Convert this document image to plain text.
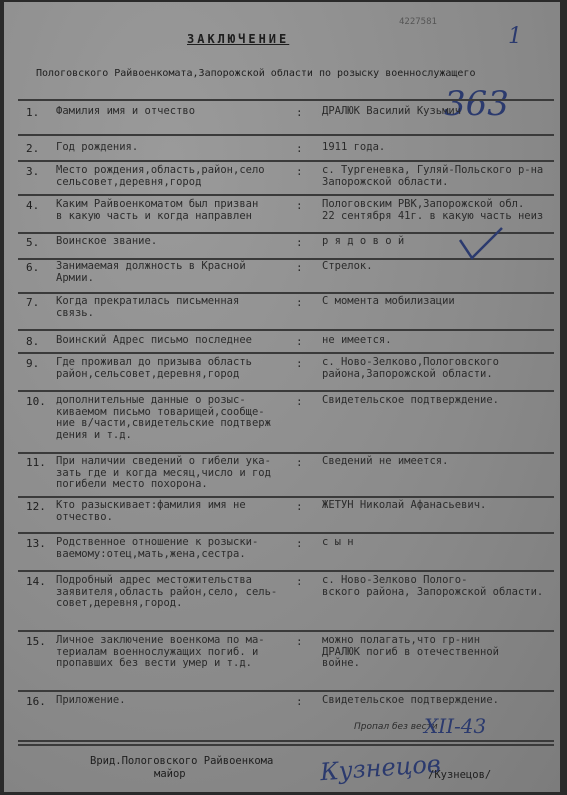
4227581
1
ЗАКЛЮЧЕНИЕ
Пологовского Райвоенкомата,Запорожской области по розыску военнослужащего
363
1. Фамилия имя и отчество	: ДРАЛЮК Василий Кузьмич
2. Год рождения.	: 1911 года.
3. Место рождения,область,район,село
сельсовет,деревня,город
: с. Тургеневка, Гуляй-Польского р-на
Запорожской области.
4. Каким Райвоенкоматом был призван
в какую часть и когда направлен
: Пологовским РВК,Запорожской обл.
22 сентября 41г. в какую часть неиз
5. Воинское звание.	: р я д о в о й
6. Занимаемая должность в Красной
Армии.
: Стрелок.
7. Когда прекратилась письменная
связь.
: С момента мобилизации
8. Воинский Адрес письмо последнее	: не имеется.
9. Где проживал до призыва область
район,сельсовет,деревня,город
: с. Ново-Зелково,Пологовского
района,Запорожской области.
10. дополнительные данные о розыс-
киваемом письмо товарищей,сообще-
ние в/части,свидетельские подтверж
дения и т.д.
: Свидетельское подтверждение.
11. При наличии сведений о гибели ука-
зать где и когда месяц,число и год
погибели место похорона.
: Сведений не имеется.
12. Кто разыскивает:фамилия имя не
отчество.
: ЖЕТУН Николай Афанасьевич.
13. Родственное отношение к розыски-
ваемому:отец,мать,жена,сестра.
: с ы н
14. Подробный адрес местожительства
заявителя,область район,село, сель-
совет,деревня,город.
: с. Ново-Зелково Полого-
вского района, Запорожской области.
15. Личное заключение военкома по ма-
териалам военнослужащих погиб. и
пропавших без вести умер и т.д.
: можно полагать,что гр-нин
ДРАЛЮК погиб в отечественной
войне.
16. Приложение.	: Свидетельское подтверждение.
Пропал без вести
XII-43
Врид.Пологовского Райвоенкома
майор	Кузнецов
/Кузнецов/
